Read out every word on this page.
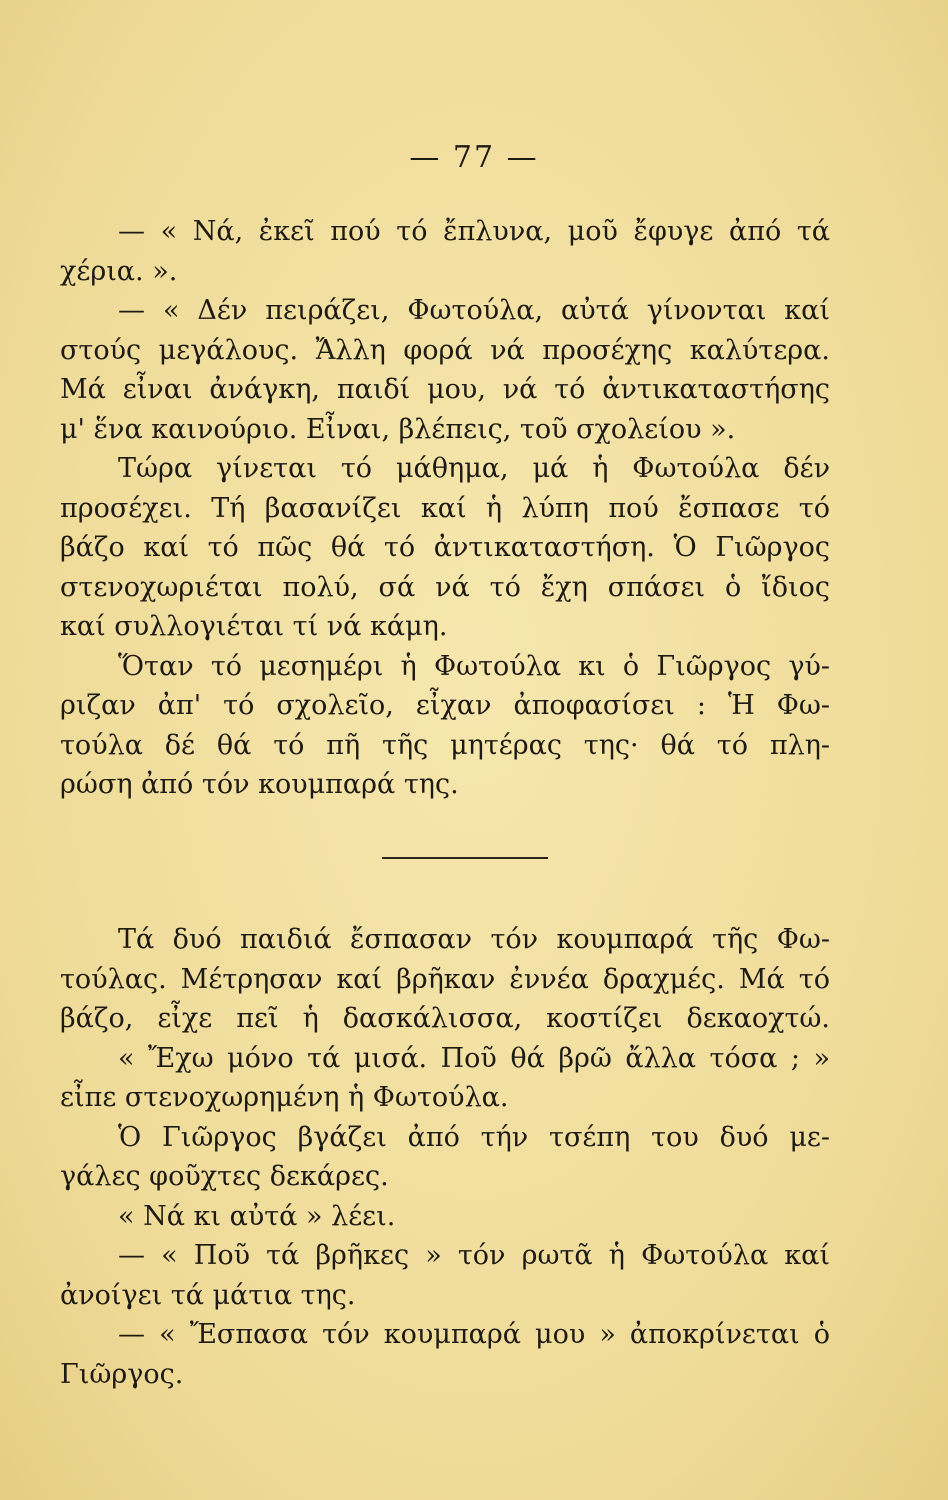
— 77 —
— « Νά, ἐκεῖ πού τό ἔπλυνα, μοῦ ἔφυγε ἀπό τά
χέρια. ».
— « Δέν πειράζει, Φωτούλα, αὐτά γίνονται καί
στούς μεγάλους. Ἄλλη φορά νά προσέχης καλύτερα.
Μά εἶναι ἀνάγκη, παιδί μου, νά τό ἀντικαταστήσης
μ' ἕνα καινούριο. Εἶναι, βλέπεις, τοῦ σχολείου ».
Τώρα γίνεται τό μάθημα, μά ἡ Φωτούλα δέν
προσέχει. Τή βασανίζει καί ἡ λύπη πού ἔσπασε τό
βάζο καί τό πῶς θά τό ἀντικαταστήση. Ὁ Γιῶργος
στενοχωριέται πολύ, σά νά τό ἔχη σπάσει ὁ ἴδιος
καί συλλογιέται τί νά κάμη.
Ὅταν τό μεσημέρι ἡ Φωτούλα κι ὁ Γιῶργος γύ-
ριζαν ἀπ' τό σχολεῖο, εἶχαν ἀποφασίσει : Ἡ Φω-
τούλα δέ θά τό πῆ τῆς μητέρας της· θά τό πλη-
ρώση ἀπό τόν κουμπαρά της.
Τά δυό παιδιά ἔσπασαν τόν κουμπαρά τῆς Φω-
τούλας. Μέτρησαν καί βρῆκαν ἐννέα δραχμές. Μά τό
βάζο, εἶχε πεῖ ἡ δασκάλισσα, κοστίζει δεκαοχτώ.
« Ἔχω μόνο τά μισά. Ποῦ θά βρῶ ἄλλα τόσα ; »
εἶπε στενοχωρημένη ἡ Φωτούλα.
Ὁ Γιῶργος βγάζει ἀπό τήν τσέπη του δυό με-
γάλες φοῦχτες δεκάρες.
« Νά κι αὐτά » λέει.
— « Ποῦ τά βρῆκες » τόν ρωτᾶ ἡ Φωτούλα καί
ἀνοίγει τά μάτια της.
— « Ἔσπασα τόν κουμπαρά μου » ἀποκρίνεται ὁ
Γιῶργος.
